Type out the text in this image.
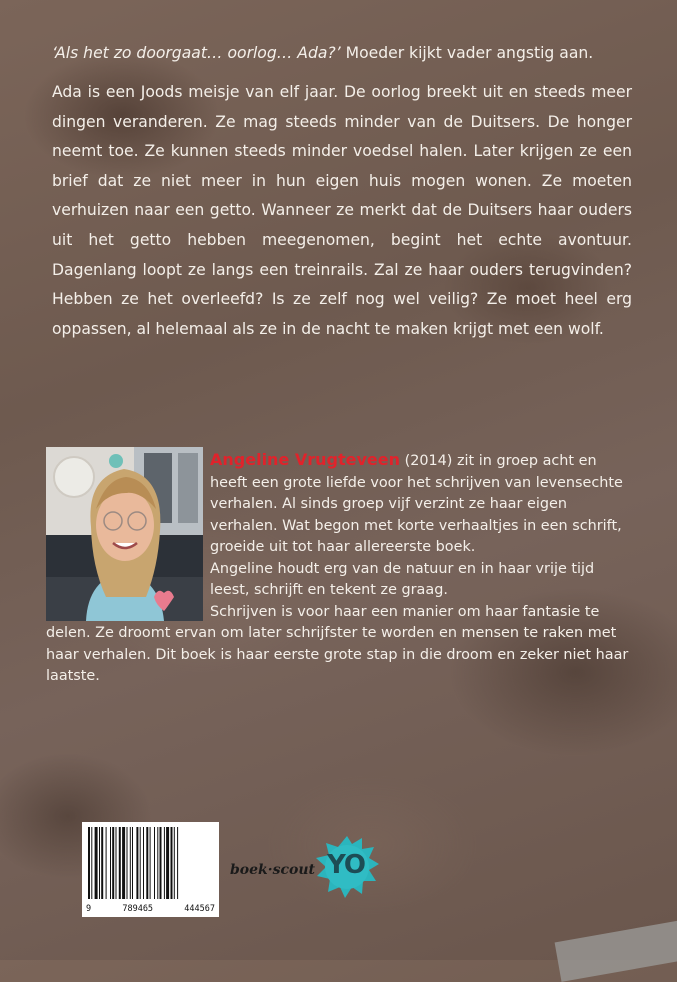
‘Als het zo doorgaat… oorlog… Ada?’ Moeder kijkt vader angstig aan.
Ada is een Joods meisje van elf jaar. De oorlog breekt uit en steeds meer dingen veranderen. Ze mag steeds minder van de Duitsers. De honger neemt toe. Ze kunnen steeds minder voedsel halen. Later krijgen ze een brief dat ze niet meer in hun eigen huis mogen wonen. Ze moeten verhuizen naar een getto. Wanneer ze merkt dat de Duitsers haar ouders uit het getto hebben meegenomen, begint het echte avontuur. Dagenlang loopt ze langs een treinrails. Zal ze haar ouders terugvinden? Hebben ze het overleefd? Is ze zelf nog wel veilig? Ze moet heel erg oppassen, al helemaal als ze in de nacht te maken krijgt met een wolf.
Angeline Vrugteveen (2014) zit in groep acht en heeft een grote liefde voor het schrijven van levensechte verhalen. Al sinds groep vijf verzint ze haar eigen verhalen. Wat begon met korte verhaaltjes in een schrift, groeide uit tot haar allereerste boek.
Angeline houdt erg van de natuur en in haar vrije tijd leest, schrijft en tekent ze graag.
Schrijven is voor haar een manier om haar fantasie te delen. Ze droomt ervan om later schrijfster te worden en mensen te raken met haar verhalen. Dit boek is haar eerste grote stap in die droom en zeker niet haar laatste.
9	789465	444567
YO
boek·scout
